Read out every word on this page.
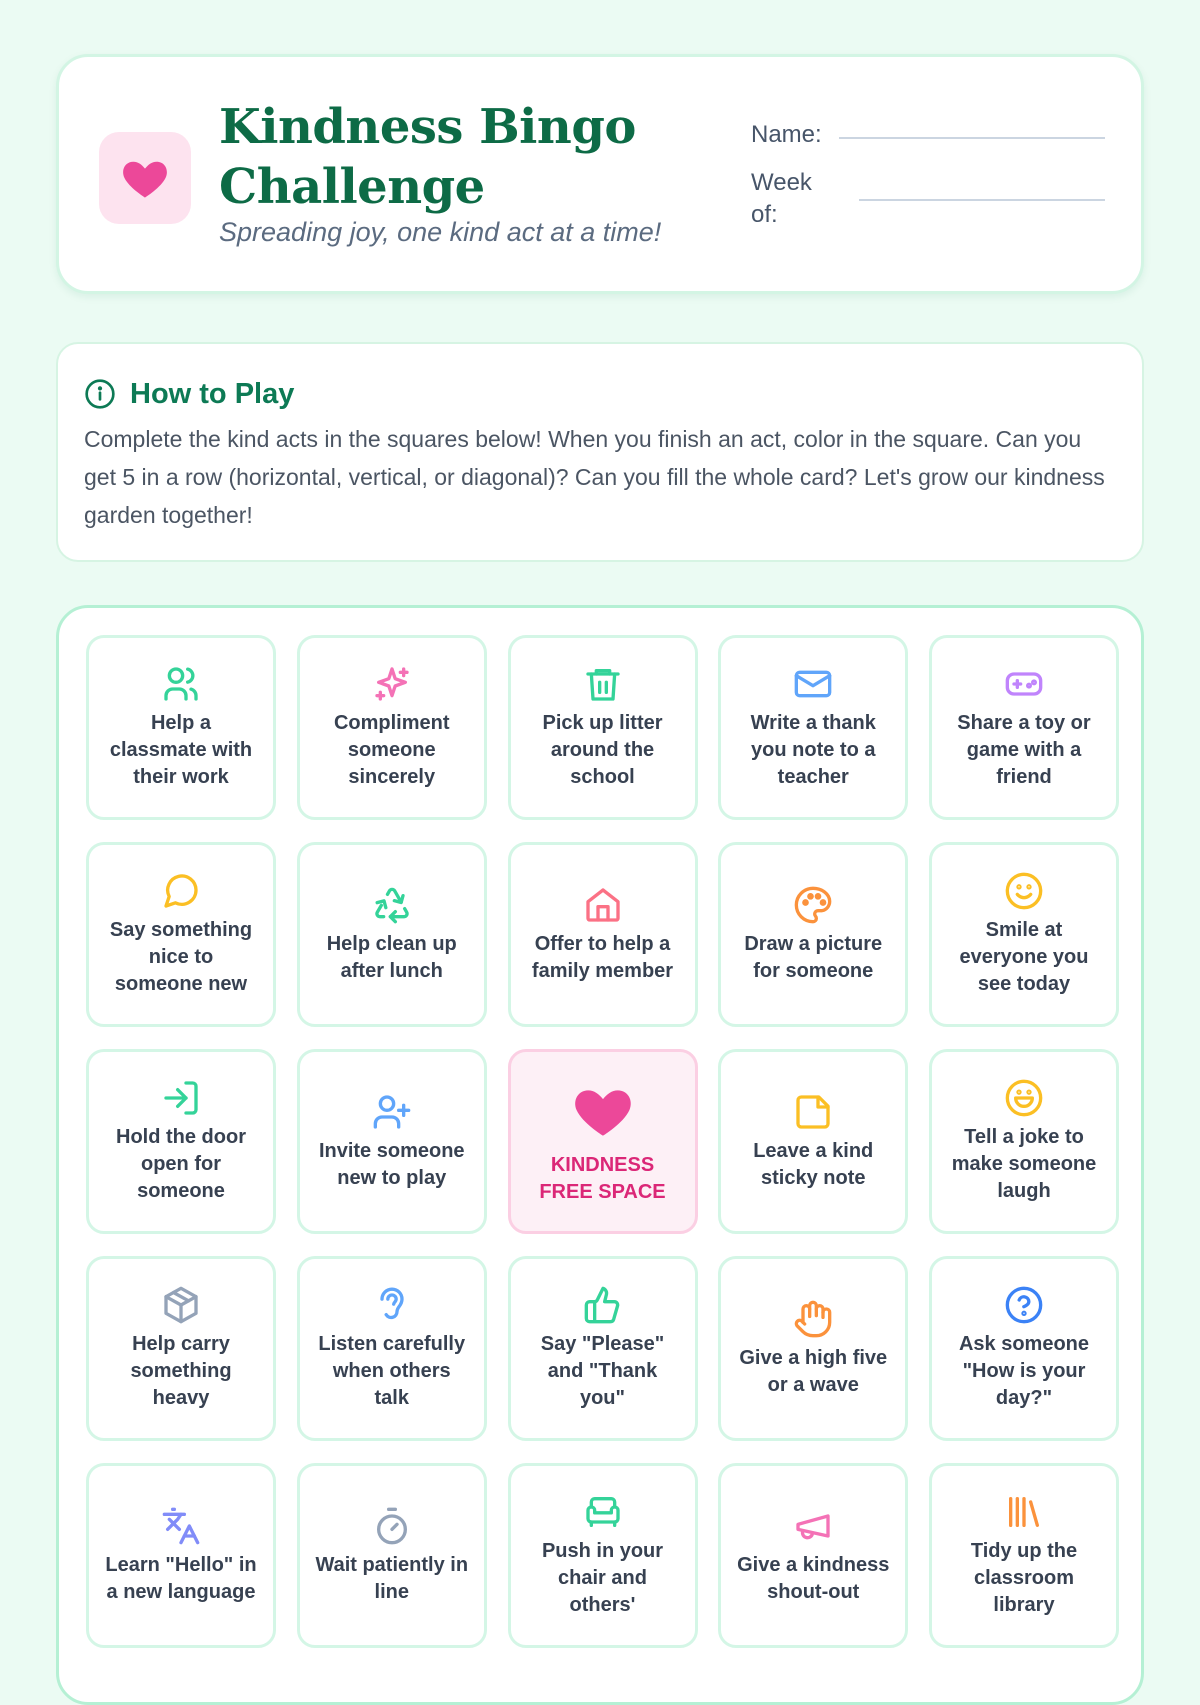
Kindness Bingo Challenge

Spreading joy, one kind act at a time!

Name:
Week of:
How to Play

Complete the kind acts in the squares below! When you finish an act, color in the square. Can you get 5 in a row (horizontal, vertical, or diagonal)? Can you fill the whole card? Let's grow our kindness garden together!

Help a classmate with their work
Compliment someone sincerely
Pick up litter around the school
Write a thank you note to a teacher
Share a toy or game with a friend
Say something nice to someone new
Help clean up after lunch
Offer to help a family member
Draw a picture for someone
Smile at everyone you see today
Hold the door open for someone
Invite someone new to play
KINDNESS FREE SPACE
Leave a kind sticky note
Tell a joke to make someone laugh
Help carry something heavy
Listen carefully when others talk
Say "Please" and "Thank you"
Give a high five or a wave
Ask someone "How is your day?"
Learn "Hello" in a new language
Wait patiently in line
Push in your chair and others'
Give a kindness shout-out
Tidy up the classroom library
